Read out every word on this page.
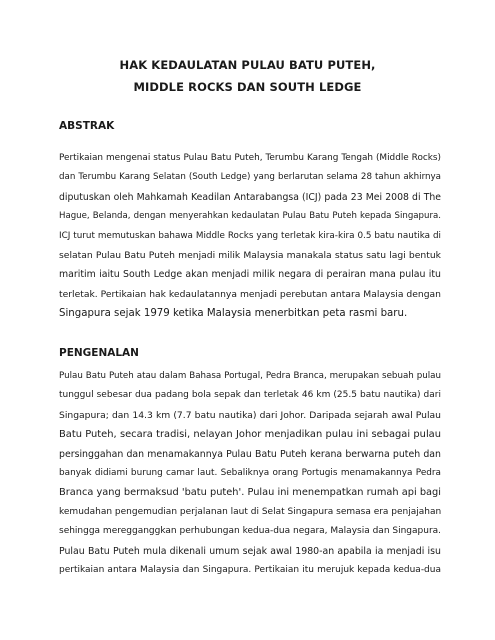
HAK KEDAULATAN PULAU BATU PUTEH,
MIDDLE ROCKS DAN SOUTH LEDGE
ABSTRAK

Pertikaian mengenai status Pulau Batu Puteh, Terumbu Karang Tengah (Middle Rocks)
dan Terumbu Karang Selatan (South Ledge) yang berlarutan selama 28 tahun akhirnya
diputuskan oleh Mahkamah Keadilan Antarabangsa (ICJ) pada 23 Mei 2008 di The
Hague, Belanda, dengan menyerahkan kedaulatan Pulau Batu Puteh kepada Singapura.
ICJ turut memutuskan bahawa Middle Rocks yang terletak kira-kira 0.5 batu nautika di
selatan Pulau Batu Puteh menjadi milik Malaysia manakala status satu lagi bentuk
maritim iaitu South Ledge akan menjadi milik negara di perairan mana pulau itu
terletak. Pertikaian hak kedaulatannya menjadi perebutan antara Malaysia dengan
Singapura sejak 1979 ketika Malaysia menerbitkan peta rasmi baru.

PENGENALAN

Pulau Batu Puteh atau dalam Bahasa Portugal, Pedra Branca, merupakan sebuah pulau
tunggul sebesar dua padang bola sepak dan terletak 46 km (25.5 batu nautika) dari
Singapura; dan 14.3 km (7.7 batu nautika) dari Johor. Daripada sejarah awal Pulau
Batu Puteh, secara tradisi, nelayan Johor menjadikan pulau ini sebagai pulau
persinggahan dan menamakannya Pulau Batu Puteh kerana berwarna puteh dan
banyak didiami burung camar laut. Sebaliknya orang Portugis menamakannya Pedra
Branca yang bermaksud 'batu puteh'. Pulau ini menempatkan rumah api bagi
kemudahan pengemudian perjalanan laut di Selat Singapura semasa era penjajahan
sehingga meregganggkan perhubungan kedua-dua negara, Malaysia dan Singapura.
Pulau Batu Puteh mula dikenali umum sejak awal 1980-an apabila ia menjadi isu
pertikaian antara Malaysia dan Singapura. Pertikaian itu merujuk kepada kedua-dua
